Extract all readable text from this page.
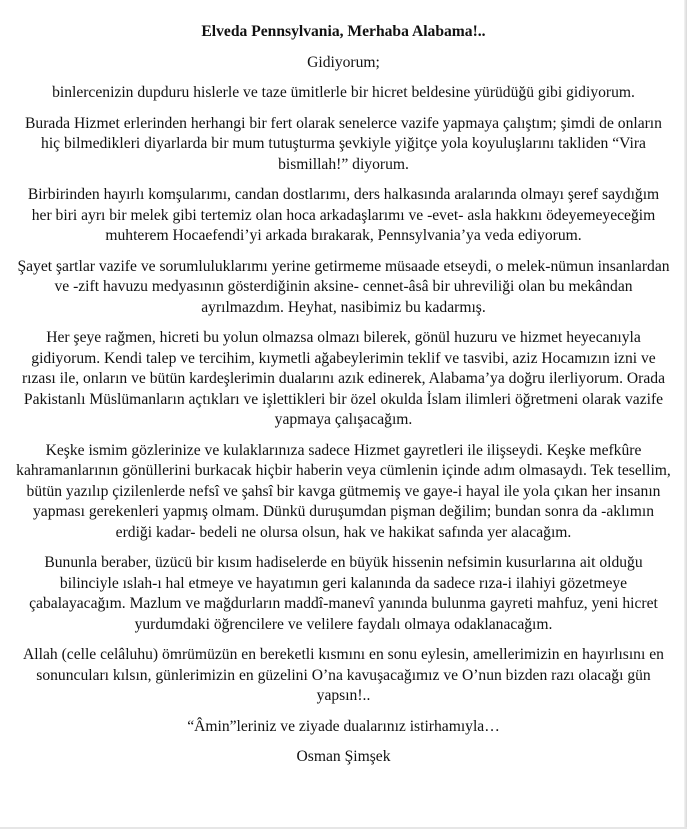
Elveda Pennsylvania, Merhaba Alabama!..
Gidiyorum;
binlercenizin dupduru hislerle ve taze ümitlerle bir hicret beldesine yürüdüğü gibi gidiyorum.
Burada Hizmet erlerinden herhangi bir fert olarak senelerce vazife yapmaya çalıştım; şimdi de onların hiç bilmedikleri diyarlarda bir mum tutuşturma şevkiyle yiğitçe yola koyuluşlarını takliden “Vira bismillah!” diyorum.
Birbirinden hayırlı komşularımı, candan dostlarımı, ders halkasında aralarında olmayı şeref saydığım her biri ayrı bir melek gibi tertemiz olan hoca arkadaşlarımı ve -evet- asla hakkını ödeyemeyeceğim muhterem Hocaefendi’yi arkada bırakarak, Pennsylvania’ya veda ediyorum.
Şayet şartlar vazife ve sorumluluklarımı yerine getirmeme müsaade etseydi, o melek-nümun insanlardan ve -zift havuzu medyasının gösterdiğinin aksine- cennet-âsâ bir uhreviliği olan bu mekândan ayrılmazdım. Heyhat, nasibimiz bu kadarmış.
Her şeye rağmen, hicreti bu yolun olmazsa olmazı bilerek, gönül huzuru ve hizmet heyecanıyla gidiyorum. Kendi talep ve tercihim, kıymetli ağabeylerimin teklif ve tasvibi, aziz Hocamızın izni ve rızası ile, onların ve bütün kardeşlerimin dualarını azık edinerek, Alabama’ya doğru ilerliyorum. Orada Pakistanlı Müslümanların açtıkları ve işlettikleri bir özel okulda İslam ilimleri öğretmeni olarak vazife yapmaya çalışacağım.
Keşke ismim gözlerinize ve kulaklarınıza sadece Hizmet gayretleri ile ilişseydi. Keşke mefkûre kahramanlarının gönüllerini burkacak hiçbir haberin veya cümlenin içinde adım olmasaydı. Tek tesellim, bütün yazılıp çizilenlerde nefsî ve şahsî bir kavga gütmemiş ve gaye-i hayal ile yola çıkan her insanın yapması gerekenleri yapmış olmam. Dünkü duruşumdan pişman değilim; bundan sonra da -aklımın erdiği kadar- bedeli ne olursa olsun, hak ve hakikat safında yer alacağım.
Bununla beraber, üzücü bir kısım hadiselerde en büyük hissenin nefsimin kusurlarına ait olduğu bilinciyle ıslah-ı hal etmeye ve hayatımın geri kalanında da sadece rıza-i ilahiyi gözetmeye çabalayacağım. Mazlum ve mağdurların maddî-manevî yanında bulunma gayreti mahfuz, yeni hicret yurdumdaki öğrencilere ve velilere faydalı olmaya odaklanacağım.
Allah (celle celâluhu) ömrümüzün en bereketli kısmını en sonu eylesin, amellerimizin en hayırlısını en sonuncuları kılsın, günlerimizin en güzelini O’na kavuşacağımız ve O’nun bizden razı olacağı gün yapsın!..
“Âmin”leriniz ve ziyade dualarınız istirhamıyla…
Osman Şimşek
